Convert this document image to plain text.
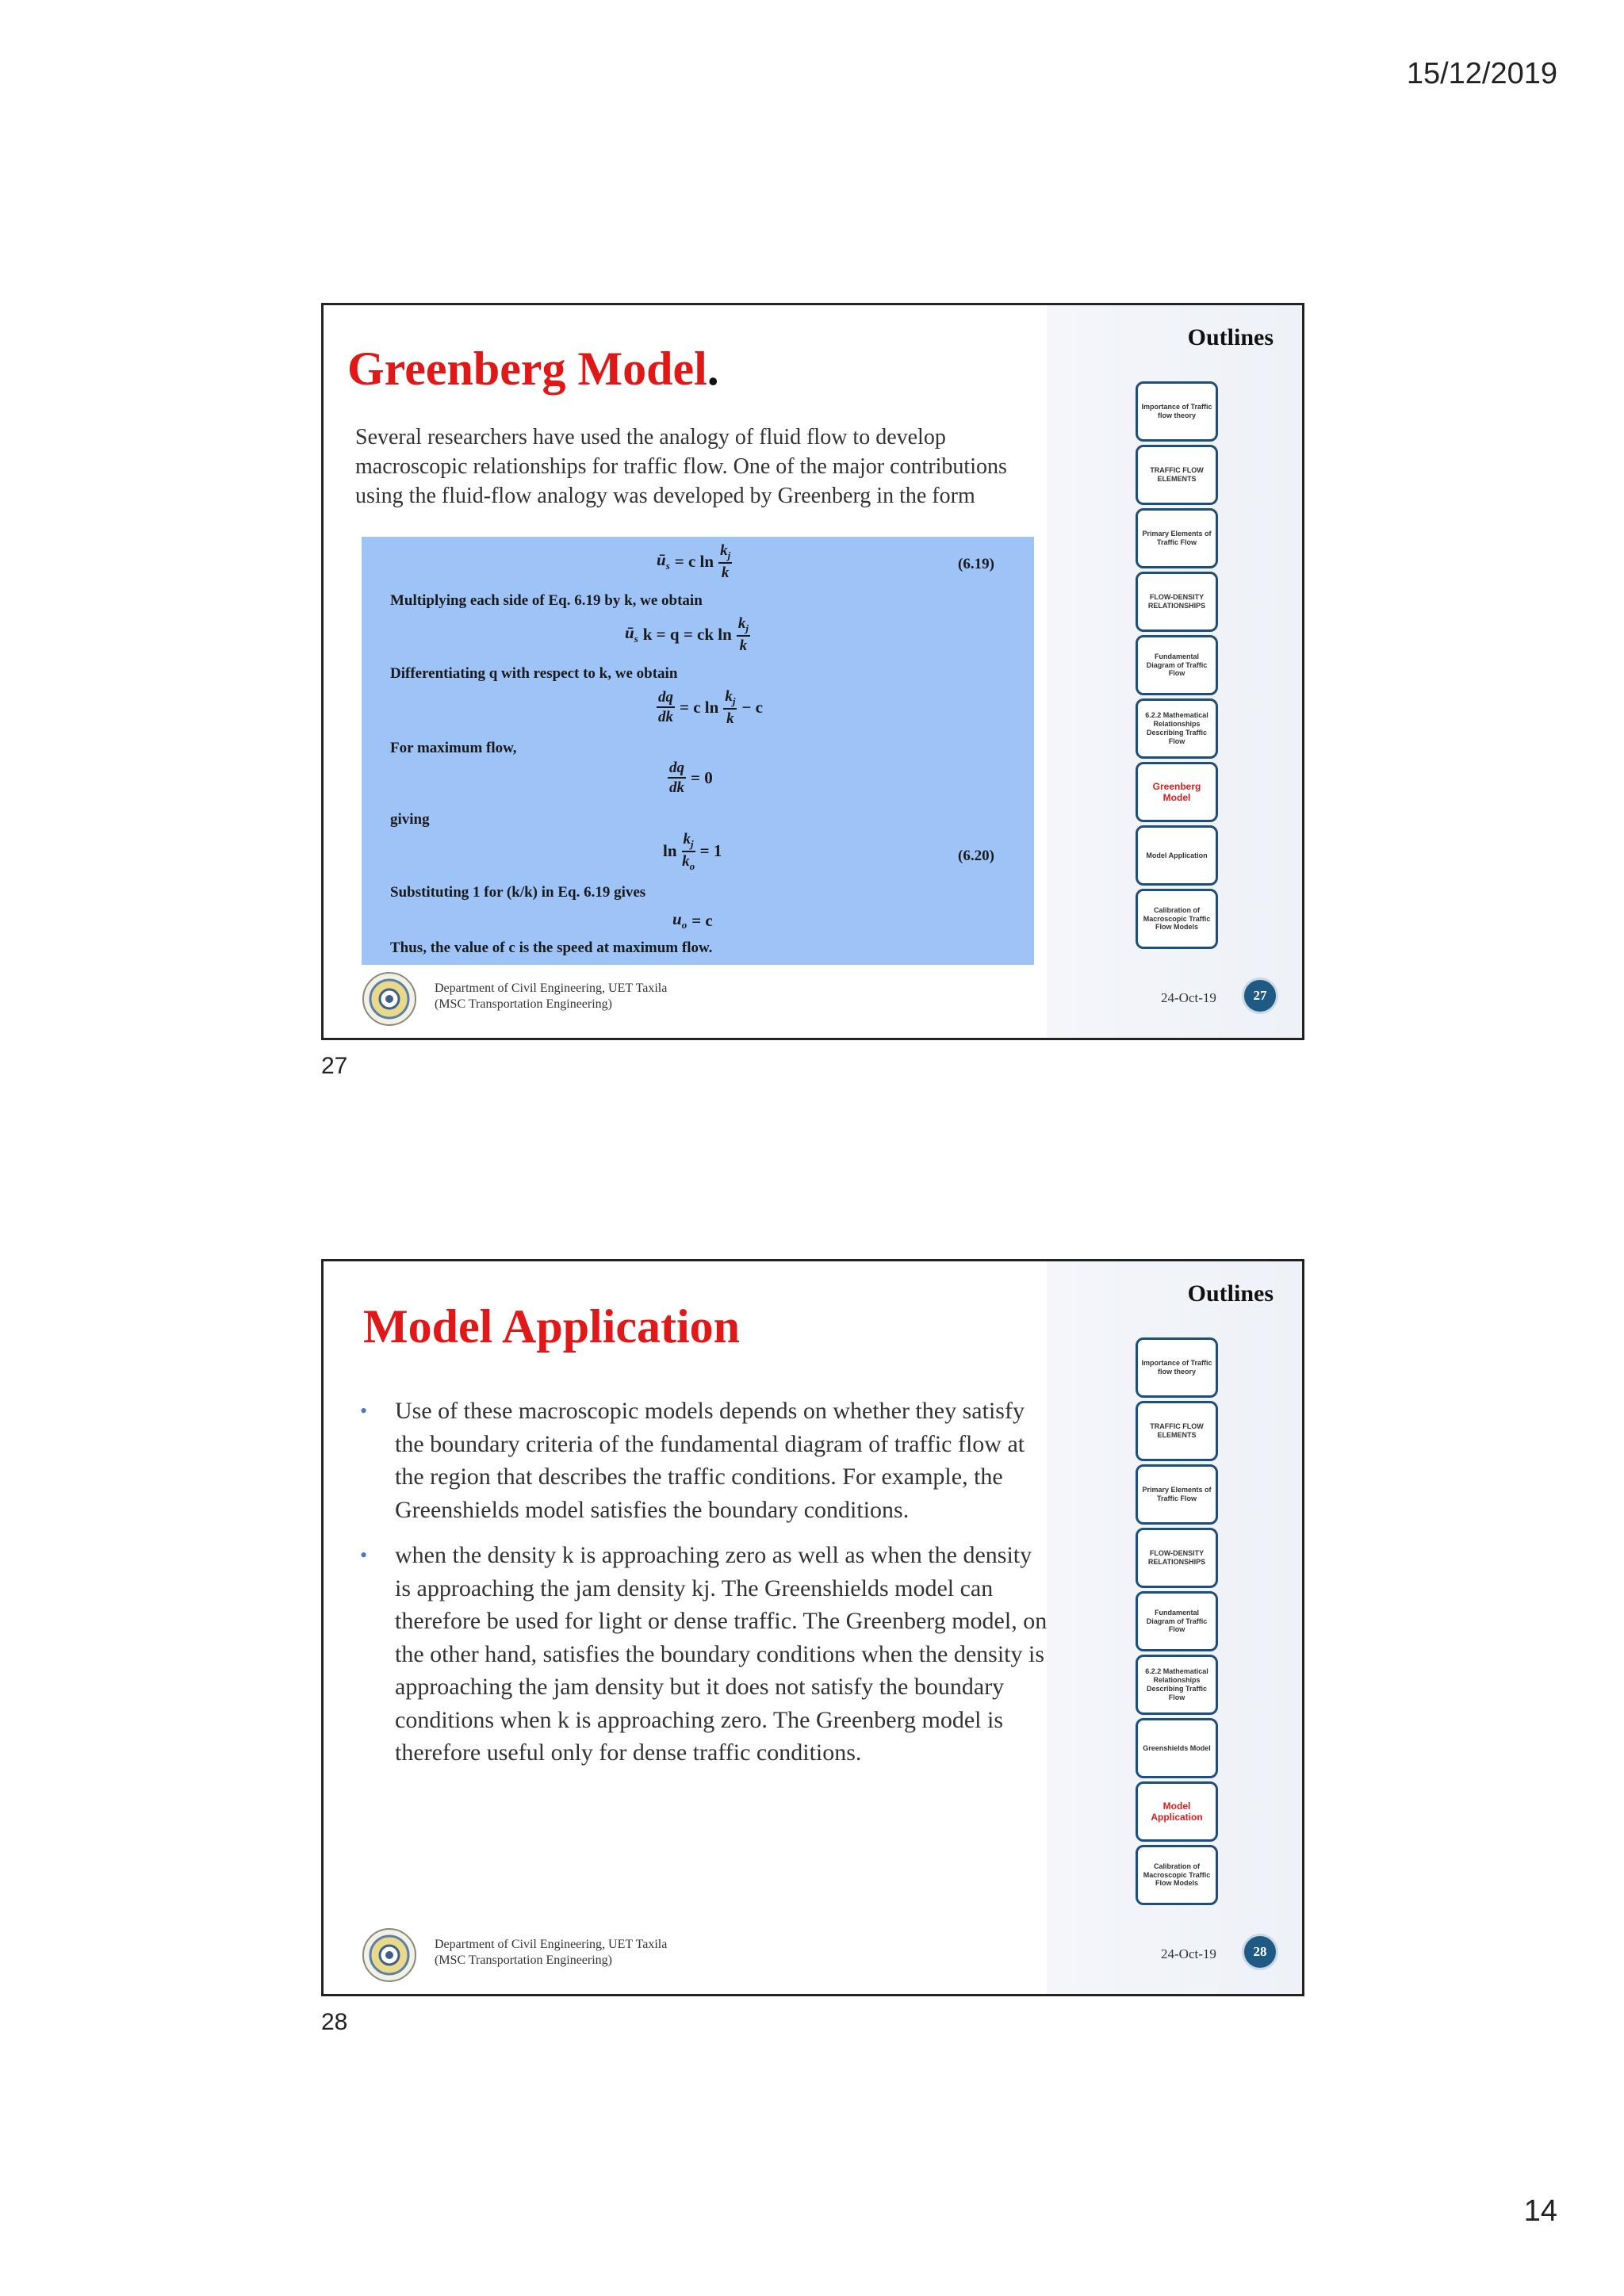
15/12/2019
Outlines
Importance of Traffic flow theory
TRAFFIC FLOW ELEMENTS
Primary Elements of Traffic Flow
FLOW-DENSITY RELATIONSHIPS
Fundamental Diagram of Traffic Flow
6.2.2 Mathematical Relationships Describing Traffic Flow
Greenberg Model
Model Application
Calibration of Macroscopic Traffic Flow Models
Greenberg Model.
Several researchers have used the analogy of fluid flow to develop macroscopic relationships for traffic flow. One of the major contributions using the fluid-flow analogy was developed by Greenberg in the form
$ū_s = c$ $\ln \frac{k_j}{k}$	(6.19)
Multiplying each side of Eq. 6.19 by k, we obtain
$ū_s$ k = q = ck $\ln \frac{k_j}{k}$
Differentiating q with respect to k, we obtain
$\frac{dq}{dk} = c$ $\ln \frac{k_j}{k} - c$
For maximum flow,
$\frac{dq}{dk} = 0$
giving
$\ln \frac{k_j}{k_o} = 1$	(6.20)
Substituting 1 for (k/k) in Eq. 6.19 gives
$u_o = c$
Thus, the value of c is the speed at maximum flow.
Department of Civil Engineering, UET Taxila
(MSC Transportation Engineering)	24-Oct-19	27
27
Outlines
Importance of Traffic flow theory
TRAFFIC FLOW ELEMENTS
Primary Elements of Traffic Flow
FLOW-DENSITY RELATIONSHIPS
Fundamental Diagram of Traffic Flow
6.2.2 Mathematical Relationships Describing Traffic Flow
Greenshields Model
Model Application
Calibration of Macroscopic Traffic Flow Models
Model Application
• Use of these macroscopic models depends on whether they satisfy the boundary criteria of the fundamental diagram of traffic flow at the region that describes the traffic conditions. For example, the Greenshields model satisfies the boundary conditions.
• when the density k is approaching zero as well as when the density is approaching the jam density kj. The Greenshields model can therefore be used for light or dense traffic. The Greenberg model, on the other hand, satisfies the boundary conditions when the density is approaching the jam density but it does not satisfy the boundary conditions when k is approaching zero. The Greenberg model is therefore useful only for dense traffic conditions.
Department of Civil Engineering, UET Taxila
(MSC Transportation Engineering)	24-Oct-19	28
28
14
